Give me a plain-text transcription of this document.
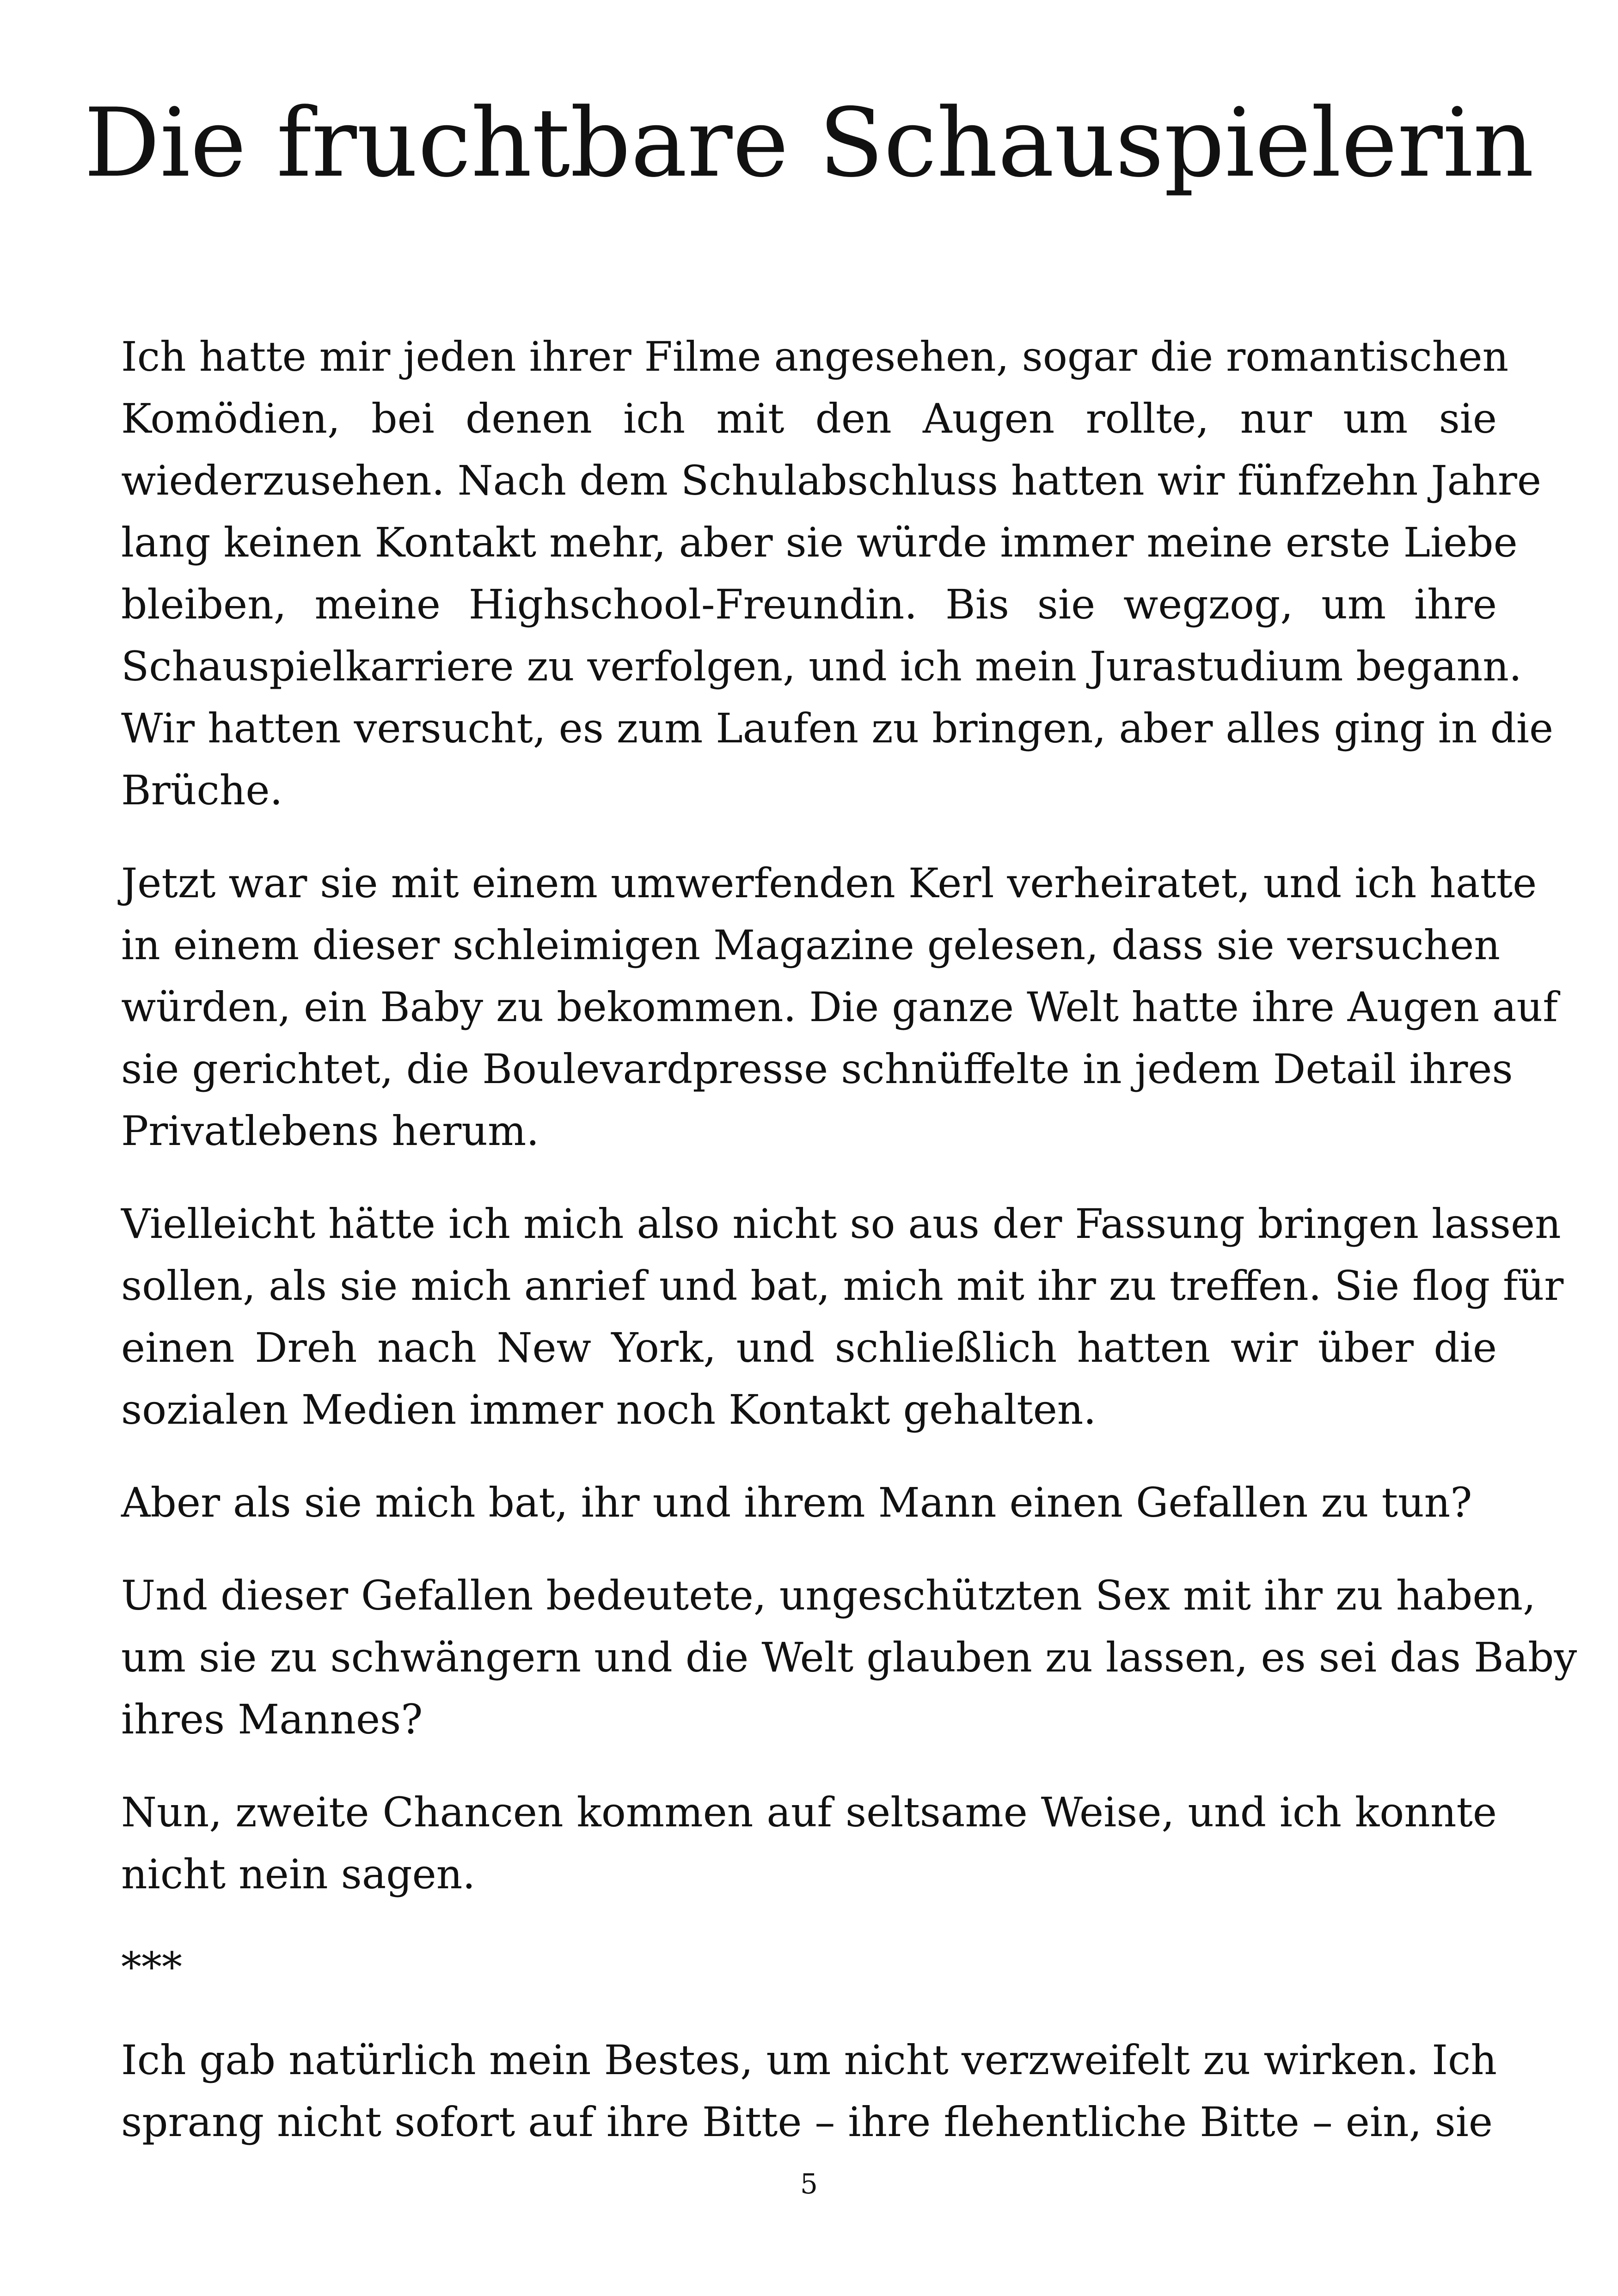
Die fruchtbare Schauspielerin
Ich hatte mir jeden ihrer Filme angesehen, sogar die romantischen
Komödien, bei denen ich mit den Augen rollte, nur um sie
wiederzusehen. Nach dem Schulabschluss hatten wir fünfzehn Jahre
lang keinen Kontakt mehr, aber sie würde immer meine erste Liebe
bleiben, meine Highschool-Freundin. Bis sie wegzog, um ihre
Schauspielkarriere zu verfolgen, und ich mein Jurastudium begann.
Wir hatten versucht, es zum Laufen zu bringen, aber alles ging in die
Brüche.
Jetzt war sie mit einem umwerfenden Kerl verheiratet, und ich hatte
in einem dieser schleimigen Magazine gelesen, dass sie versuchen
würden, ein Baby zu bekommen. Die ganze Welt hatte ihre Augen auf
sie gerichtet, die Boulevardpresse schnüffelte in jedem Detail ihres
Privatlebens herum.
Vielleicht hätte ich mich also nicht so aus der Fassung bringen lassen
sollen, als sie mich anrief und bat, mich mit ihr zu treffen. Sie flog für
einen Dreh nach New York, und schließlich hatten wir über die
sozialen Medien immer noch Kontakt gehalten.
Aber als sie mich bat, ihr und ihrem Mann einen Gefallen zu tun?
Und dieser Gefallen bedeutete, ungeschützten Sex mit ihr zu haben,
um sie zu schwängern und die Welt glauben zu lassen, es sei das Baby
ihres Mannes?
Nun, zweite Chancen kommen auf seltsame Weise, und ich konnte
nicht nein sagen.
***
Ich gab natürlich mein Bestes, um nicht verzweifelt zu wirken. Ich
sprang nicht sofort auf ihre Bitte – ihre flehentliche Bitte – ein, sie
5
